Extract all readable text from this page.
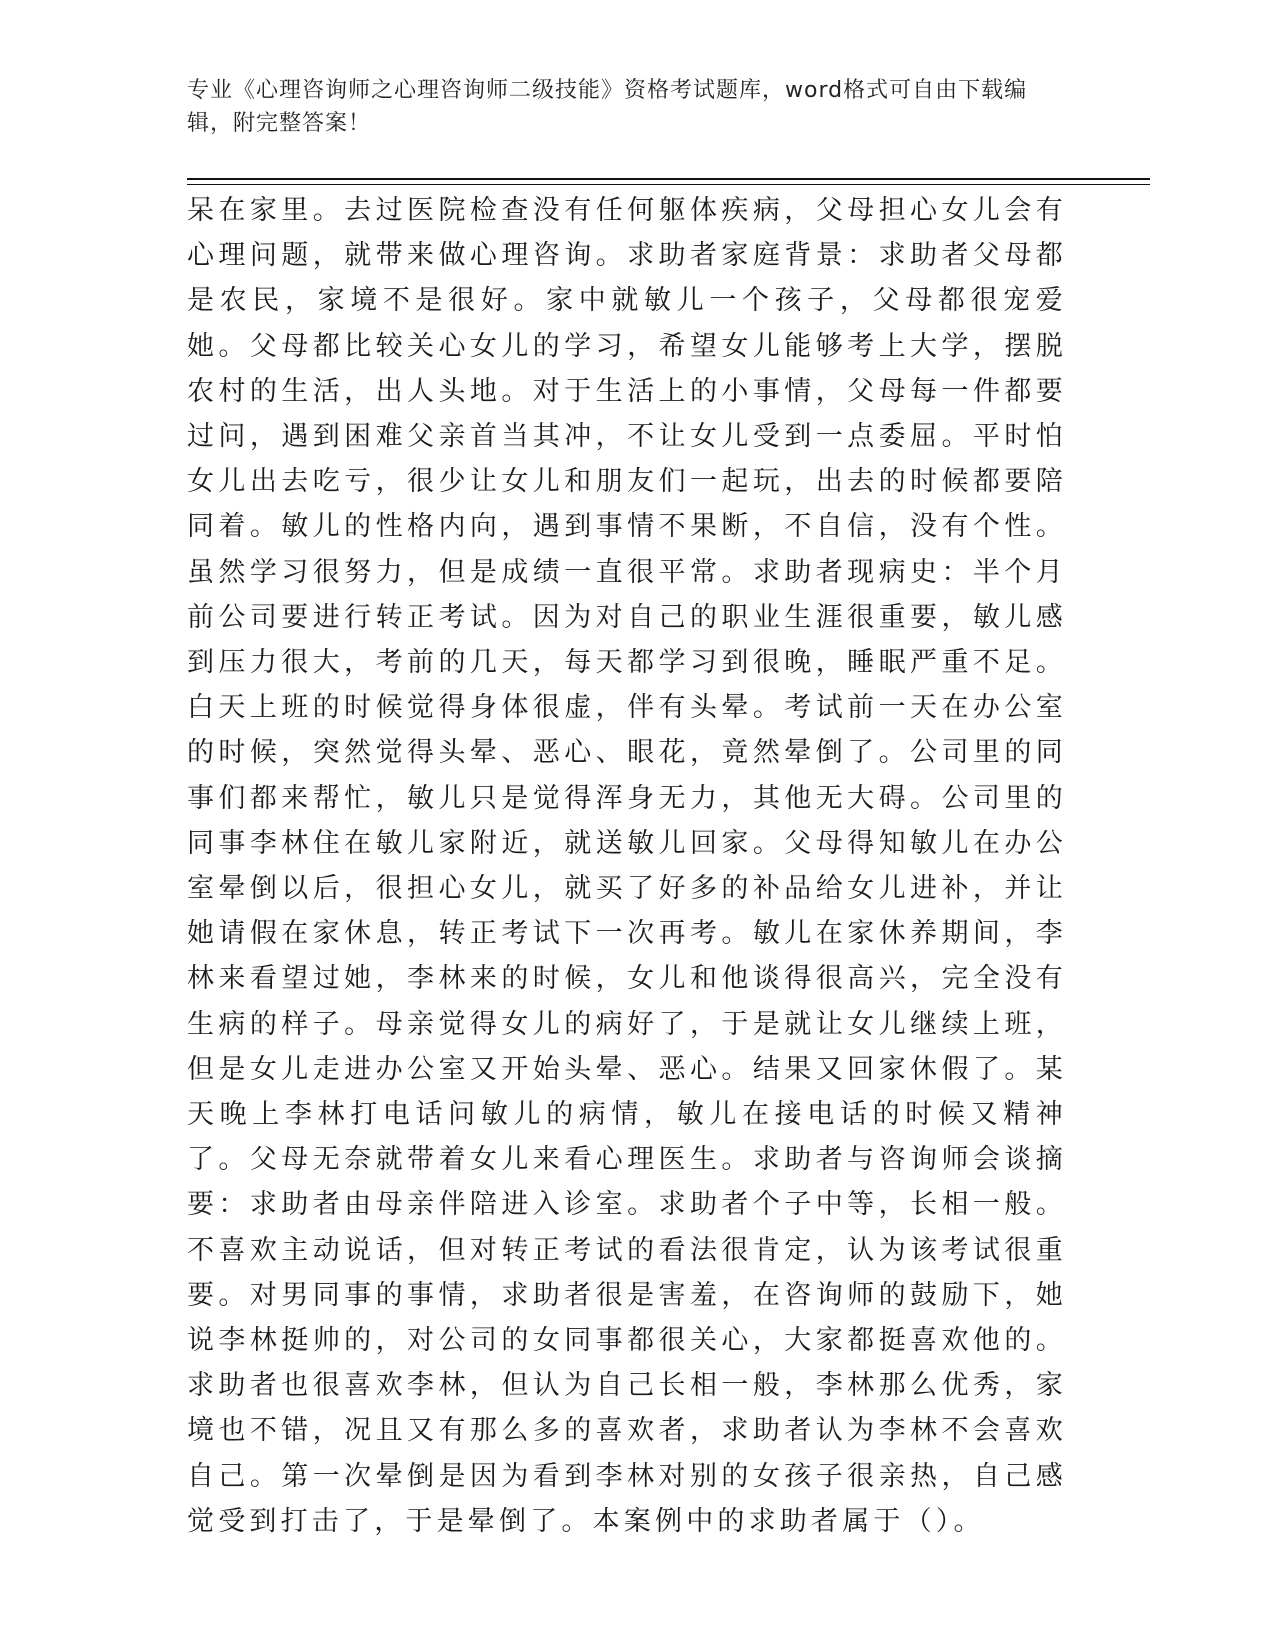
专业《心理咨询师之心理咨询师二级技能》资格考试题库，word格式可自由下载编辑，附完整答案！
呆在家里。去过医院检查没有任何躯体疾病，父母担心女儿会有心理问题，就带来做心理咨询。求助者家庭背景：求助者父母都是农民，家境不是很好。家中就敏儿一个孩子，父母都很宠爱她。父母都比较关心女儿的学习，希望女儿能够考上大学，摆脱农村的生活，出人头地。对于生活上的小事情，父母每一件都要过问，遇到困难父亲首当其冲，不让女儿受到一点委屈。平时怕女儿出去吃亏，很少让女儿和朋友们一起玩，出去的时候都要陪同着。敏儿的性格内向，遇到事情不果断，不自信，没有个性。虽然学习很努力，但是成绩一直很平常。求助者现病史：半个月前公司要进行转正考试。因为对自己的职业生涯很重要，敏儿感到压力很大，考前的几天，每天都学习到很晚，睡眠严重不足。白天上班的时候觉得身体很虚，伴有头晕。考试前一天在办公室的时候，突然觉得头晕、恶心、眼花，竟然晕倒了。公司里的同事们都来帮忙，敏儿只是觉得浑身无力，其他无大碍。公司里的同事李林住在敏儿家附近，就送敏儿回家。父母得知敏儿在办公室晕倒以后，很担心女儿，就买了好多的补品给女儿进补，并让她请假在家休息，转正考试下一次再考。敏儿在家休养期间，李林来看望过她，李林来的时候，女儿和他谈得很高兴，完全没有生病的样子。母亲觉得女儿的病好了，于是就让女儿继续上班，但是女儿走进办公室又开始头晕、恶心。结果又回家休假了。某天晚上李林打电话问敏儿的病情，敏儿在接电话的时候又精神了。父母无奈就带着女儿来看心理医生。求助者与咨询师会谈摘要：求助者由母亲伴陪进入诊室。求助者个子中等，长相一般。不喜欢主动说话，但对转正考试的看法很肯定，认为该考试很重要。对男同事的事情，求助者很是害羞，在咨询师的鼓励下，她说李林挺帅的，对公司的女同事都很关心，大家都挺喜欢他的。求助者也很喜欢李林，但认为自己长相一般，李林那么优秀，家境也不错，况且又有那么多的喜欢者，求助者认为李林不会喜欢自己。第一次晕倒是因为看到李林对别的女孩子很亲热，自己感觉受到打击了，于是晕倒了。本案例中的求助者属于（）。
